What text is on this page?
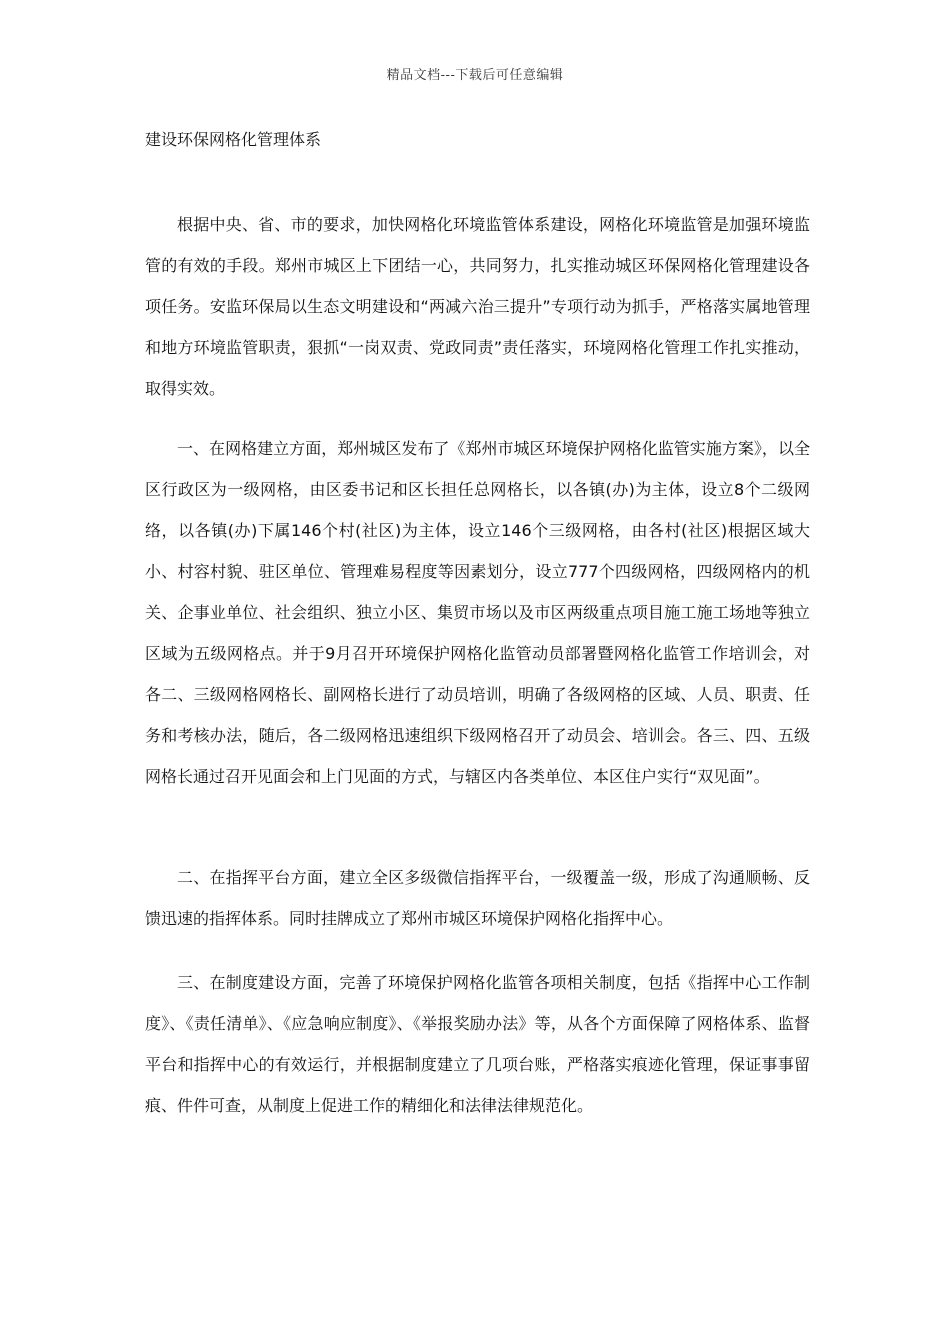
精品文档---下载后可任意编辑
建设环保网格化管理体系

根据中央、省、市的要求，加快网格化环境监管体系建设，网格化环境监管是加强环境监管的有效的手段。郑州市城区上下团结一心，共同努力，扎实推动城区环保网格化管理建设各项任务。安监环保局以生态文明建设和“两减六治三提升”专项行动为抓手，严格落实属地管理和地方环境监管职责，狠抓“一岗双责、党政同责”责任落实，环境网格化管理工作扎实推动，取得实效。

一、在网格建立方面，郑州城区发布了《郑州市城区环境保护网格化监管实施方案》，以全区行政区为一级网格，由区委书记和区长担任总网格长，以各镇(办)为主体，设立8个二级网络，以各镇(办)下属146个村(社区)为主体，设立146个三级网格，由各村(社区)根据区域大小、村容村貌、驻区单位、管理难易程度等因素划分，设立777个四级网格，四级网格内的机关、企事业单位、社会组织、独立小区、集贸市场以及市区两级重点项目施工施工场地等独立区域为五级网格点。并于9月召开环境保护网格化监管动员部署暨网格化监管工作培训会，对各二、三级网格网格长、副网格长进行了动员培训，明确了各级网格的区域、人员、职责、任务和考核办法，随后，各二级网格迅速组织下级网格召开了动员会、培训会。各三、四、五级网格长通过召开见面会和上门见面的方式，与辖区内各类单位、本区住户实行“双见面”。

二、在指挥平台方面，建立全区多级微信指挥平台，一级覆盖一级，形成了沟通顺畅、反馈迅速的指挥体系。同时挂牌成立了郑州市城区环境保护网格化指挥中心。

三、在制度建设方面，完善了环境保护网格化监管各项相关制度，包括《指挥中心工作制度》、《责任清单》、《应急响应制度》、《举报奖励办法》等，从各个方面保障了网格体系、监督平台和指挥中心的有效运行，并根据制度建立了几项台账，严格落实痕迹化管理，保证事事留痕、件件可查，从制度上促进工作的精细化和法律法律规范化。
